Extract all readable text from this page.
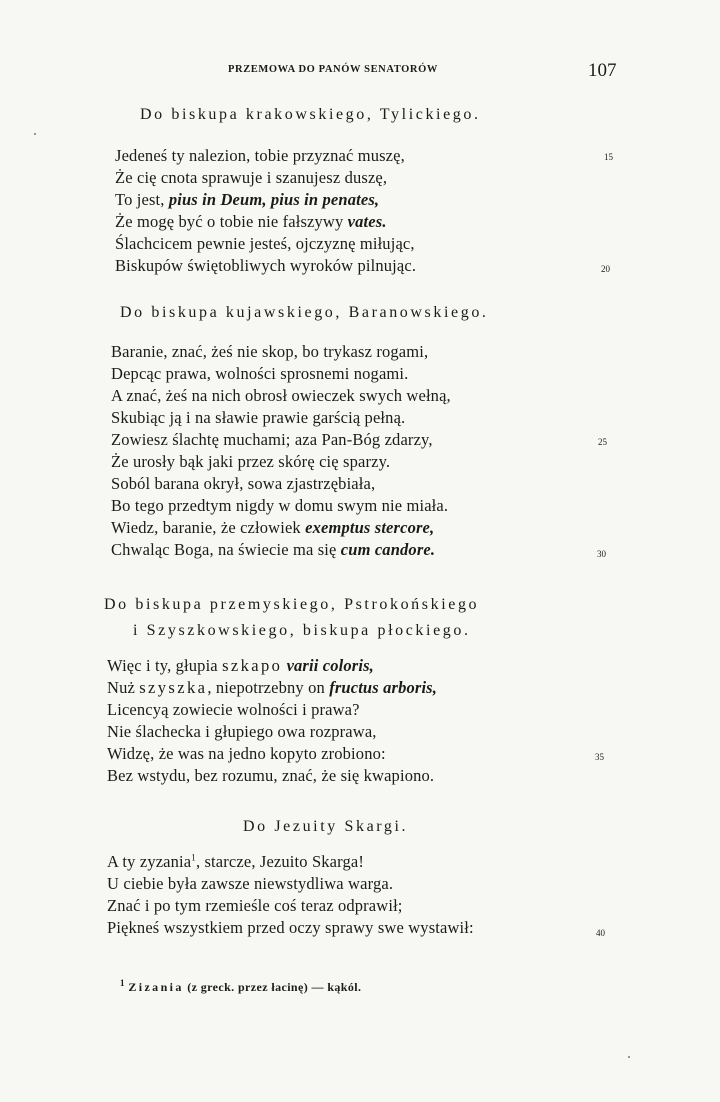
PRZEMOWA DO PANÓW SENATORÓW	107
Do biskupa krakowskiego, Tylickiego.
Jedeneś ty nalezion, tobie przyznać muszę,	15
Że cię cnota sprawuje i szanujesz duszę,
To jest, pius in Deum, pius in penates,
Że mogę być o tobie nie fałszywy vates.
Ślachcicem pewnie jesteś, ojczyznę miłując,
Biskupów świętobliwych wyroków pilnując.	20
Do biskupa kujawskiego, Baranowskiego.
Baranie, znać, żeś nie skop, bo trykasz rogami,
Depcąc prawa, wolności sprosnemi nogami.
A znać, żeś na nich obrosł owieczek swych wełną,
Skubiąc ją i na sławie prawie garścią pełną.
Zowiesz ślachtę muchami; aza Pan-Bóg zdarzy,	25
Że urosły bąk jaki przez skórę cię sparzy.
Soból barana okrył, sowa zjastrzębiała,
Bo tego przedtym nigdy w domu swym nie miała.
Wiedz, baranie, że człowiek exemptus stercore,
Chwaląc Boga, na świecie ma się cum candore.	30
Do biskupa przemyskiego, Pstrokońskiego
i Szyszkowskiego, biskupa płockiego.
Więc i ty, głupia szkapo varii coloris,
Nuż szyszka, niepotrzebny on fructus arboris,
Licencyą zowiecie wolności i prawa?
Nie ślachecka i głupiego owa rozprawa,
Widzę, że was na jedno kopyto zrobiono:	35
Bez wstydu, bez rozumu, znać, że się kwapiono.
Do Jezuity Skargi.
A ty zyzania$^1$, starcze, Jezuito Skarga!
U ciebie była zawsze niewstydliwa warga.
Znać i po tym rzemieśle coś teraz odprawił;
Piękneś wszystkiem przed oczy sprawy swe wystawił:	40
$^1$ Zizania (z greck. przez łacinę) — kąkól.
